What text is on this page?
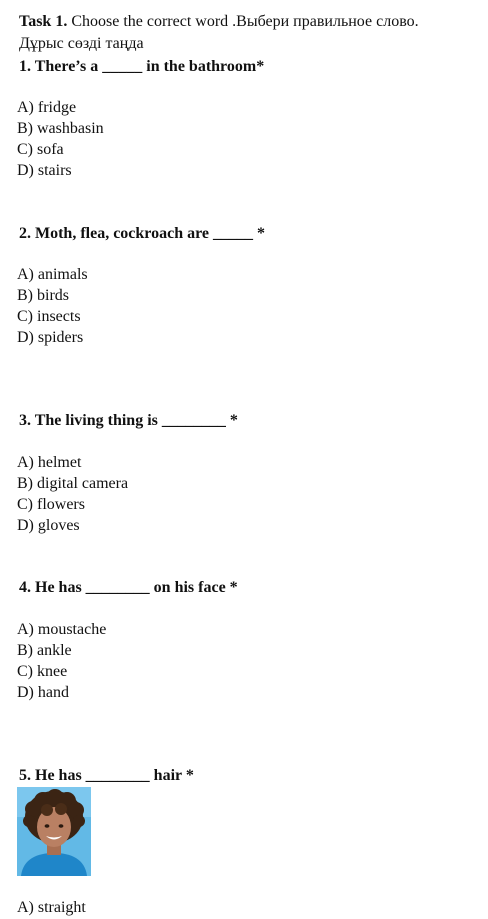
Task 1. Choose the correct word .Выбери правильное слово.
Дұрыс сөзді таңда
1. There’s a _____ in the bathroom*
A) fridge
B) washbasin
C) sofa
D) stairs
2. Moth, flea, cockroach are _____ *
A) animals
B) birds
C) insects
D) spiders
3. The living thing is ________ *
A) helmet
B) digital camera
C) flowers
D) gloves
4. He has ________ on his face *
A) moustache
B) ankle
C) knee
D) hand
5. He has ________ hair *
A) straight
